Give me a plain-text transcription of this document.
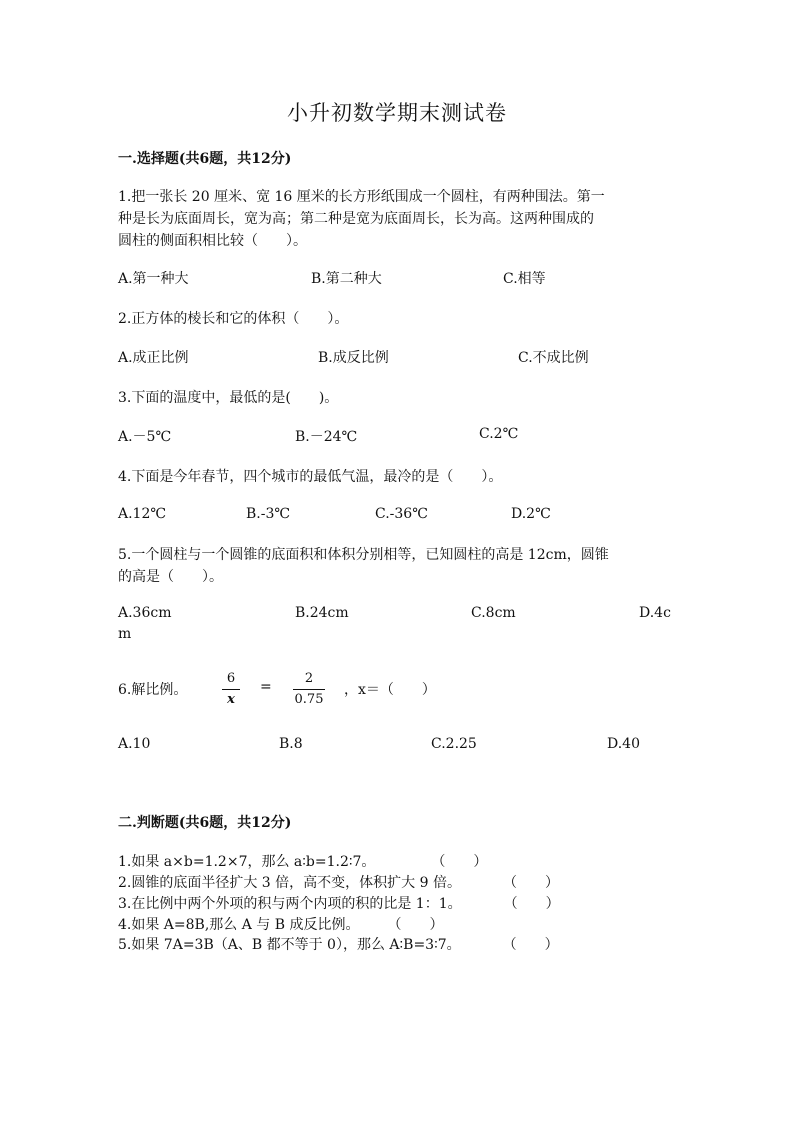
小升初数学期末测试卷
一.选择题(共6题，共12分)
1.把一张长 20 厘米、宽 16 厘米的长方形纸围成一个圆柱，有两种围法。第一
种是长为底面周长，宽为高；第二种是宽为底面周长，长为高。这两种围成的
圆柱的侧面积相比较（　　）。
A.第一种大	B.第二种大	C.相等
2.正方体的棱长和它的体积（　　）。
A.成正比例	B.成反比例	C.不成比例
3.下面的温度中，最低的是(　　)。
A.－5℃	B.－24℃	C.2℃
4.下面是今年春节，四个城市的最低气温，最冷的是（　　）。
A.12℃	B.-3℃	C.-36℃	D.2℃
5.一个圆柱与一个圆锥的底面积和体积分别相等，已知圆柱的高是 12cm，圆锥
的高是（　　）。
A.36cm	B.24cm	C.8cm	D.4c
m
6.解比例。
6
x
=
2
0.75
，x＝（　　）
A.10	B.8	C.2.25	D.40
二.判断题(共6题，共12分)
1.如果 a×b=1.2×7，那么 a∶b=1.2∶7。　　　　　（　　）
2.圆锥的底面半径扩大 3 倍，高不变，体积扩大 9 倍。　　　　（　　）
3.在比例中两个外项的积与两个内项的积的比是 1：1。　　　　（　　）
4.如果 A=8B,那么 A 与 B 成反比例。　　　（　　）
5.如果 7A=3B（A、B 都不等于 0），那么 A∶B=3∶7。　　　　（　　）
